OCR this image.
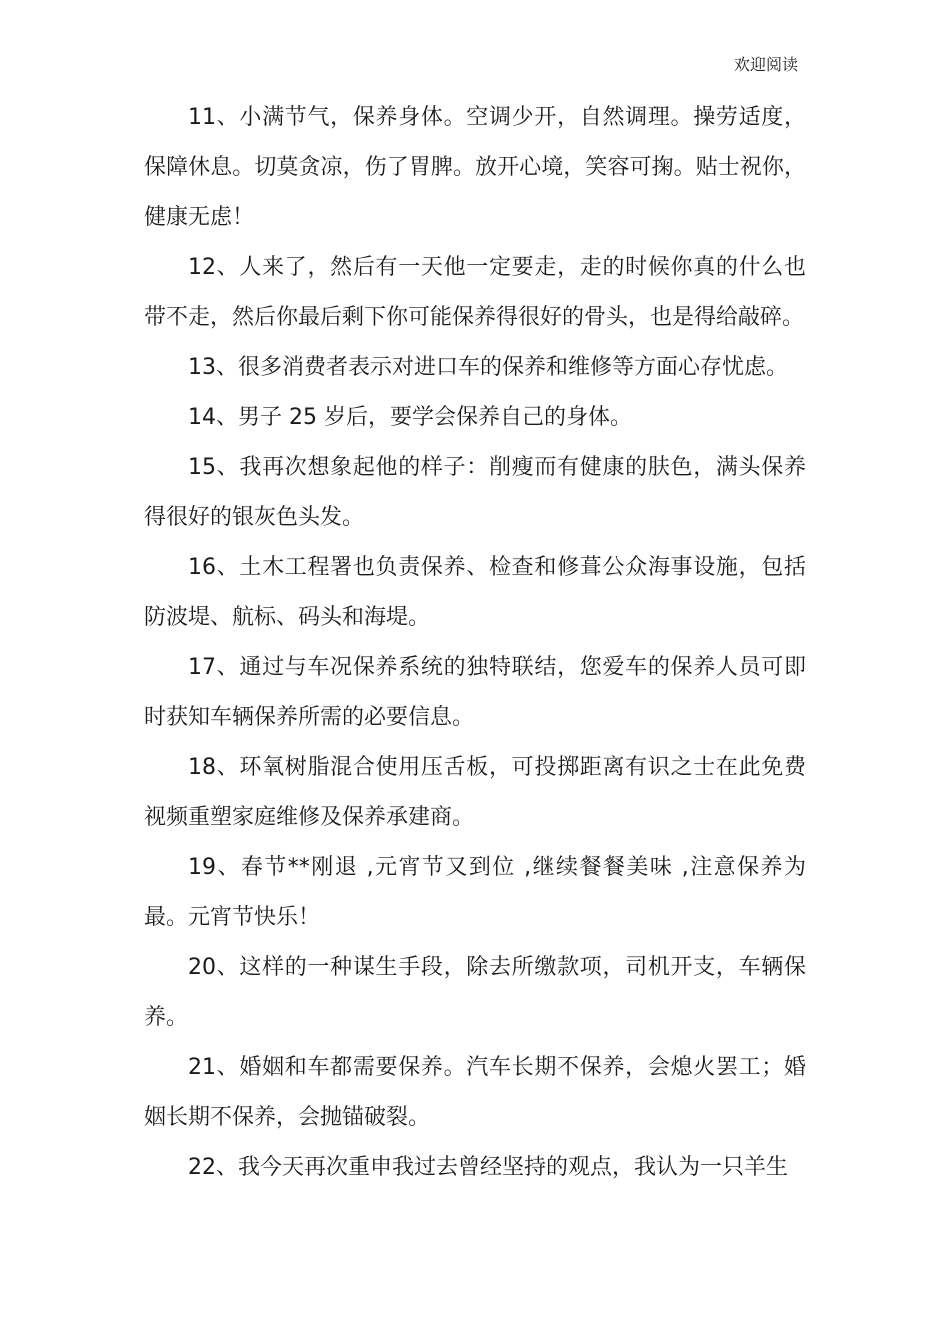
欢迎阅读

11、小满节气，保养身体。空调少开，自然调理。操劳适度，保障休息。切莫贪凉，伤了胃脾。放开心境，笑容可掬。贴士祝你，健康无虑！

12、人来了，然后有一天他一定要走，走的时候你真的什么也带不走，然后你最后剩下你可能保养得很好的骨头，也是得给敲碎。

13、很多消费者表示对进口车的保养和维修等方面心存忧虑。

14、男子 25 岁后，要学会保养自己的身体。

15、我再次想象起他的样子：削瘦而有健康的肤色，满头保养得很好的银灰色头发。

16、土木工程署也负责保养、检查和修葺公众海事设施，包括防波堤、航标、码头和海堤。

17、通过与车况保养系统的独特联结，您爱车的保养人员可即时获知车辆保养所需的必要信息。

18、环氧树脂混合使用压舌板，可投掷距离有识之士在此免费视频重塑家庭维修及保养承建商。

19、春节**刚退 ,元宵节又到位 ,继续餐餐美味 ,注意保养为最。元宵节快乐！

20、这样的一种谋生手段，除去所缴款项，司机开支，车辆保养。

21、婚姻和车都需要保养。汽车长期不保养，会熄火罢工；婚姻长期不保养，会抛锚破裂。

22、我今天再次重申我过去曾经坚持的观点，我认为一只羊生
